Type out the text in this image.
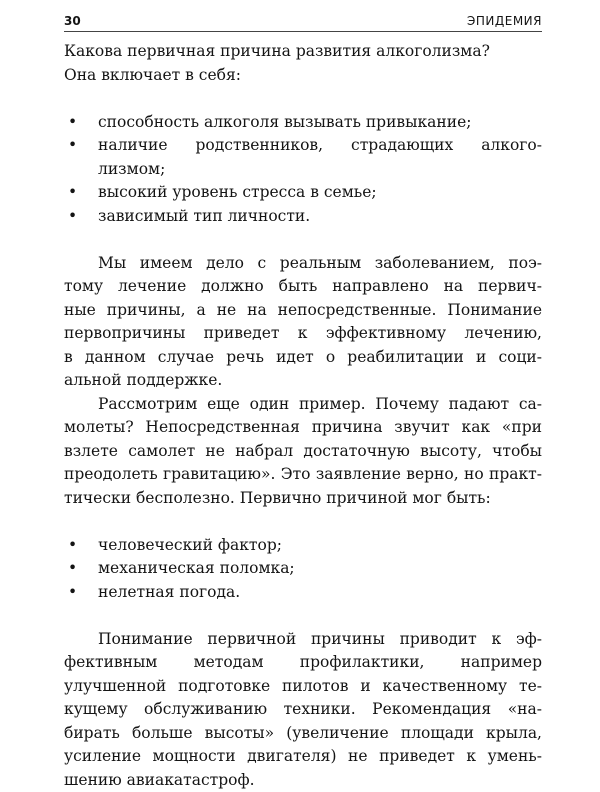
30	ЭПИДЕМИЯ
Какова первичная причина развития алкоголизма?
Она включает в себя:
• способность алкоголя вызывать привыкание;
• наличие родственников, страдающих алкого-
лизмом;
• высокий уровень стресса в семье;
• зависимый тип личности.
Мы имеем дело с реальным заболеванием, поэ-
тому лечение должно быть направлено на первич-
ные причины, а не на непосредственные. Понимание
первопричины приведет к эффективному лечению,
в данном случае речь идет о реабилитации и соци-
альной поддержке.
Рассмотрим еще один пример. Почему падают са-
молеты? Непосредственная причина звучит как «при
взлете самолет не набрал достаточную высоту, чтобы
преодолеть гравитацию». Это заявление верно, но практ-
тически бесполезно. Первично причиной мог быть:
• человеческий фактор;
• механическая поломка;
• нелетная погода.
Понимание первичной причины приводит к эф-
фективным методам профилактики, например
улучшенной подготовке пилотов и качественному те-
кущему обслуживанию техники. Рекомендация «на-
бирать больше высоты» (увеличение площади крыла,
усиление мощности двигателя) не приведет к умень-
шению авиакатастроф.
